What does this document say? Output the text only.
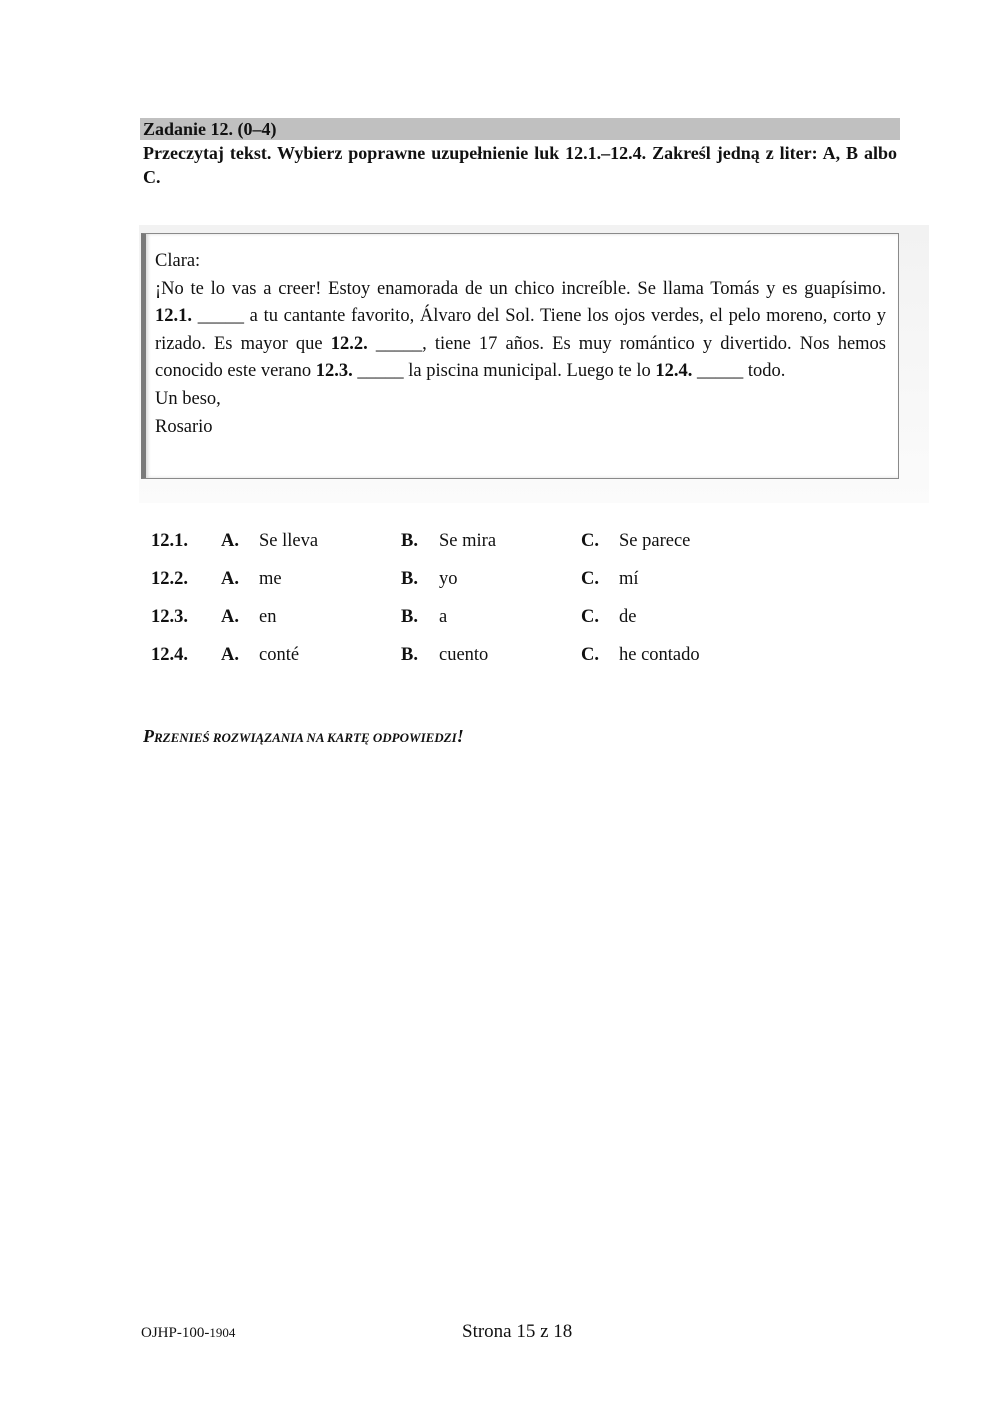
Zadanie 12. (0–4)
Przeczytaj tekst. Wybierz poprawne uzupełnienie luk 12.1.–12.4. Zakreśl jedną z liter: A, B albo C.

Clara:

¡No te lo vas a creer! Estoy enamorada de un chico increíble. Se llama Tomás y es guapísimo. 12.1. _____ a tu cantante favorito, Álvaro del Sol. Tiene los ojos verdes, el pelo moreno, corto y rizado. Es mayor que 12.2. _____, tiene 17 años. Es muy romántico y divertido. Nos hemos conocido este verano 12.3. _____ la piscina municipal. Luego te lo 12.4. _____ todo.

Un beso,

Rosario

12.1. A. Se lleva	B. Se mira	C. Se parece
12.2. A. me	B. yo	C. mí
12.3. A. en	B. a	C. de
12.4. A. conté	B. cuento	C. he contado
PRZENIEŚ ROZWIĄZANIA NA KARTĘ ODPOWIEDZI!
OJHP-100-1904	Strona 15 z 18
